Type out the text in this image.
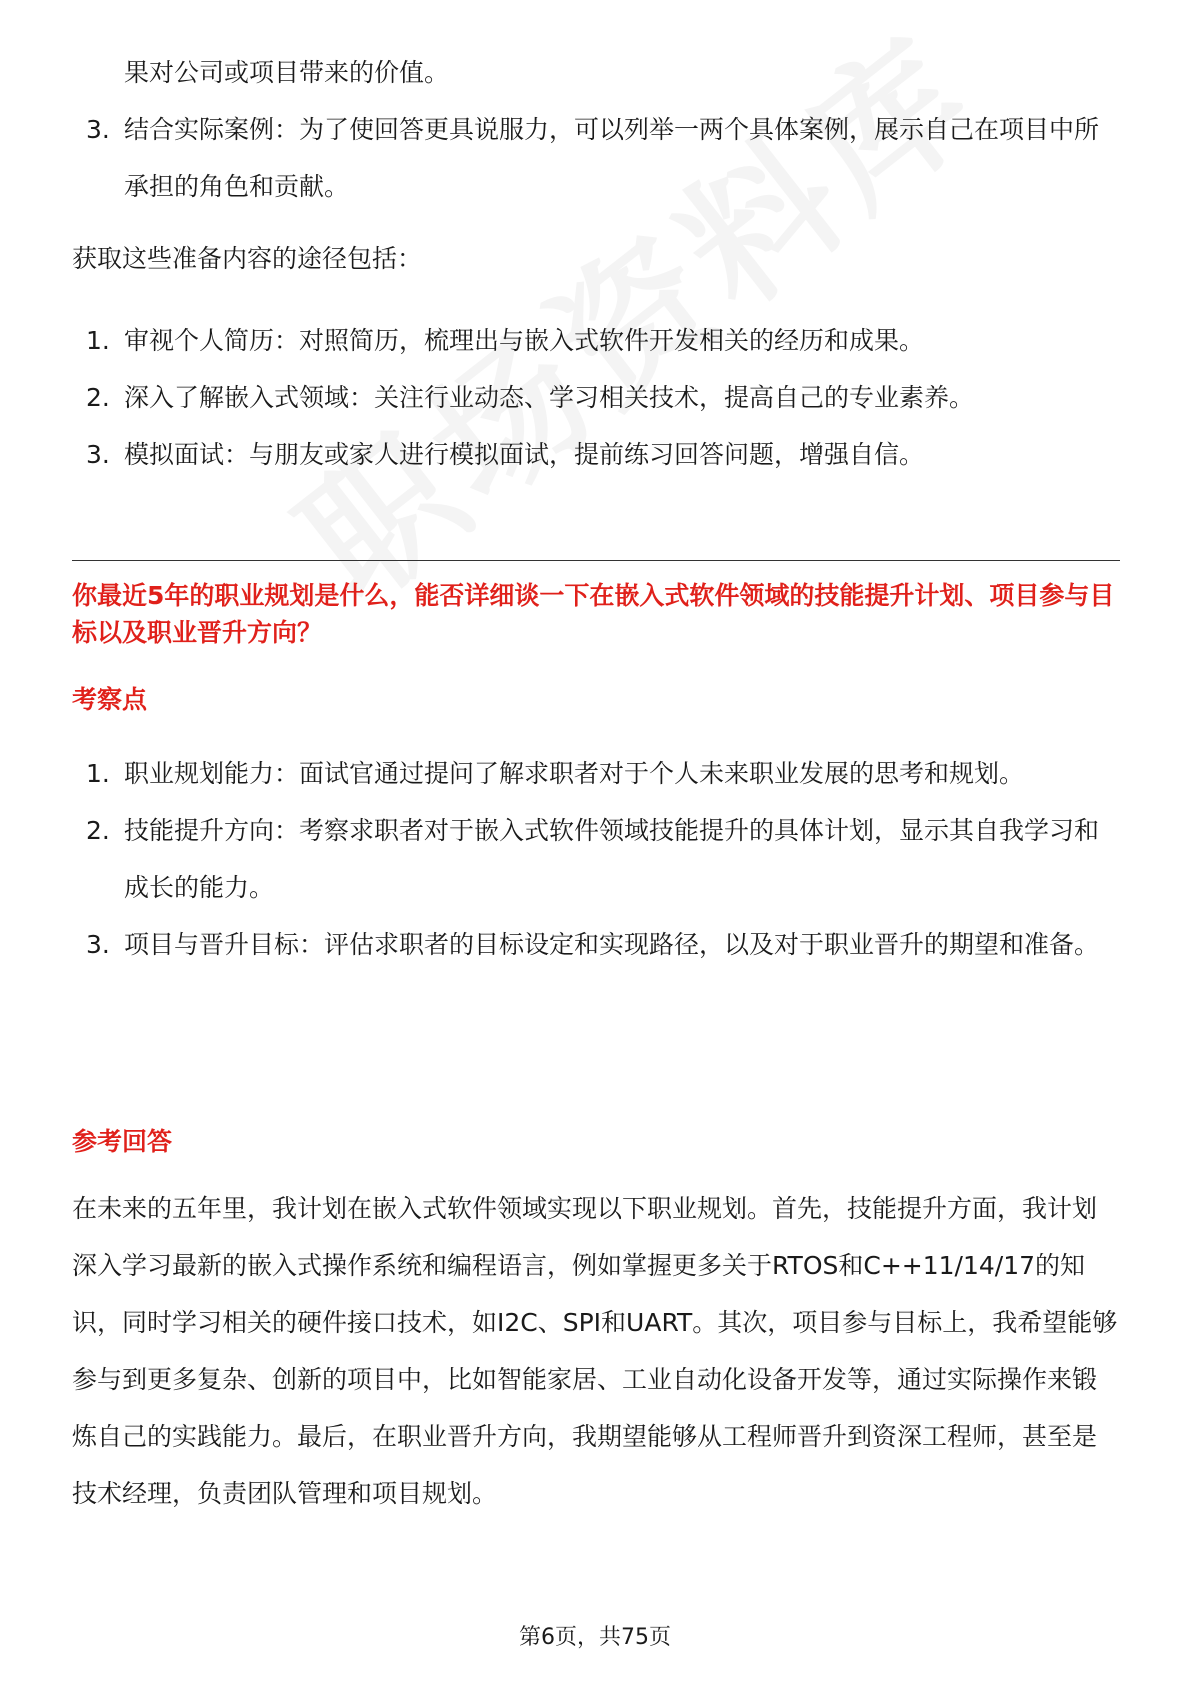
果对公司或项目带来的价值。
3. 结合实际案例：为了使回答更具说服力，可以列举一两个具体案例，展示自己在项目中所承担的角色和贡献。
获取这些准备内容的途径包括：
1. 审视个人简历：对照简历，梳理出与嵌入式软件开发相关的经历和成果。
2. 深入了解嵌入式领域：关注行业动态、学习相关技术，提高自己的专业素养。
3. 模拟面试：与朋友或家人进行模拟面试，提前练习回答问题，增强自信。
你最近5年的职业规划是什么，能否详细谈一下在嵌入式软件领域的技能提升计划、项目参与目标以及职业晋升方向？
考察点
1. 职业规划能力：面试官通过提问了解求职者对于个人未来职业发展的思考和规划。
2. 技能提升方向：考察求职者对于嵌入式软件领域技能提升的具体计划，显示其自我学习和成长的能力。
3. 项目与晋升目标：评估求职者的目标设定和实现路径，以及对于职业晋升的期望和准备。
参考回答
在未来的五年里，我计划在嵌入式软件领域实现以下职业规划。首先，技能提升方面，我计划深入学习最新的嵌入式操作系统和编程语言，例如掌握更多关于RTOS和C++11/14/17的知识，同时学习相关的硬件接口技术，如I2C、SPI和UART。其次，项目参与目标上，我希望能够参与到更多复杂、创新的项目中，比如智能家居、工业自动化设备开发等，通过实际操作来锻炼自己的实践能力。最后，在职业晋升方向，我期望能够从工程师晋升到资深工程师，甚至是技术经理，负责团队管理和项目规划。
第6页，共75页
